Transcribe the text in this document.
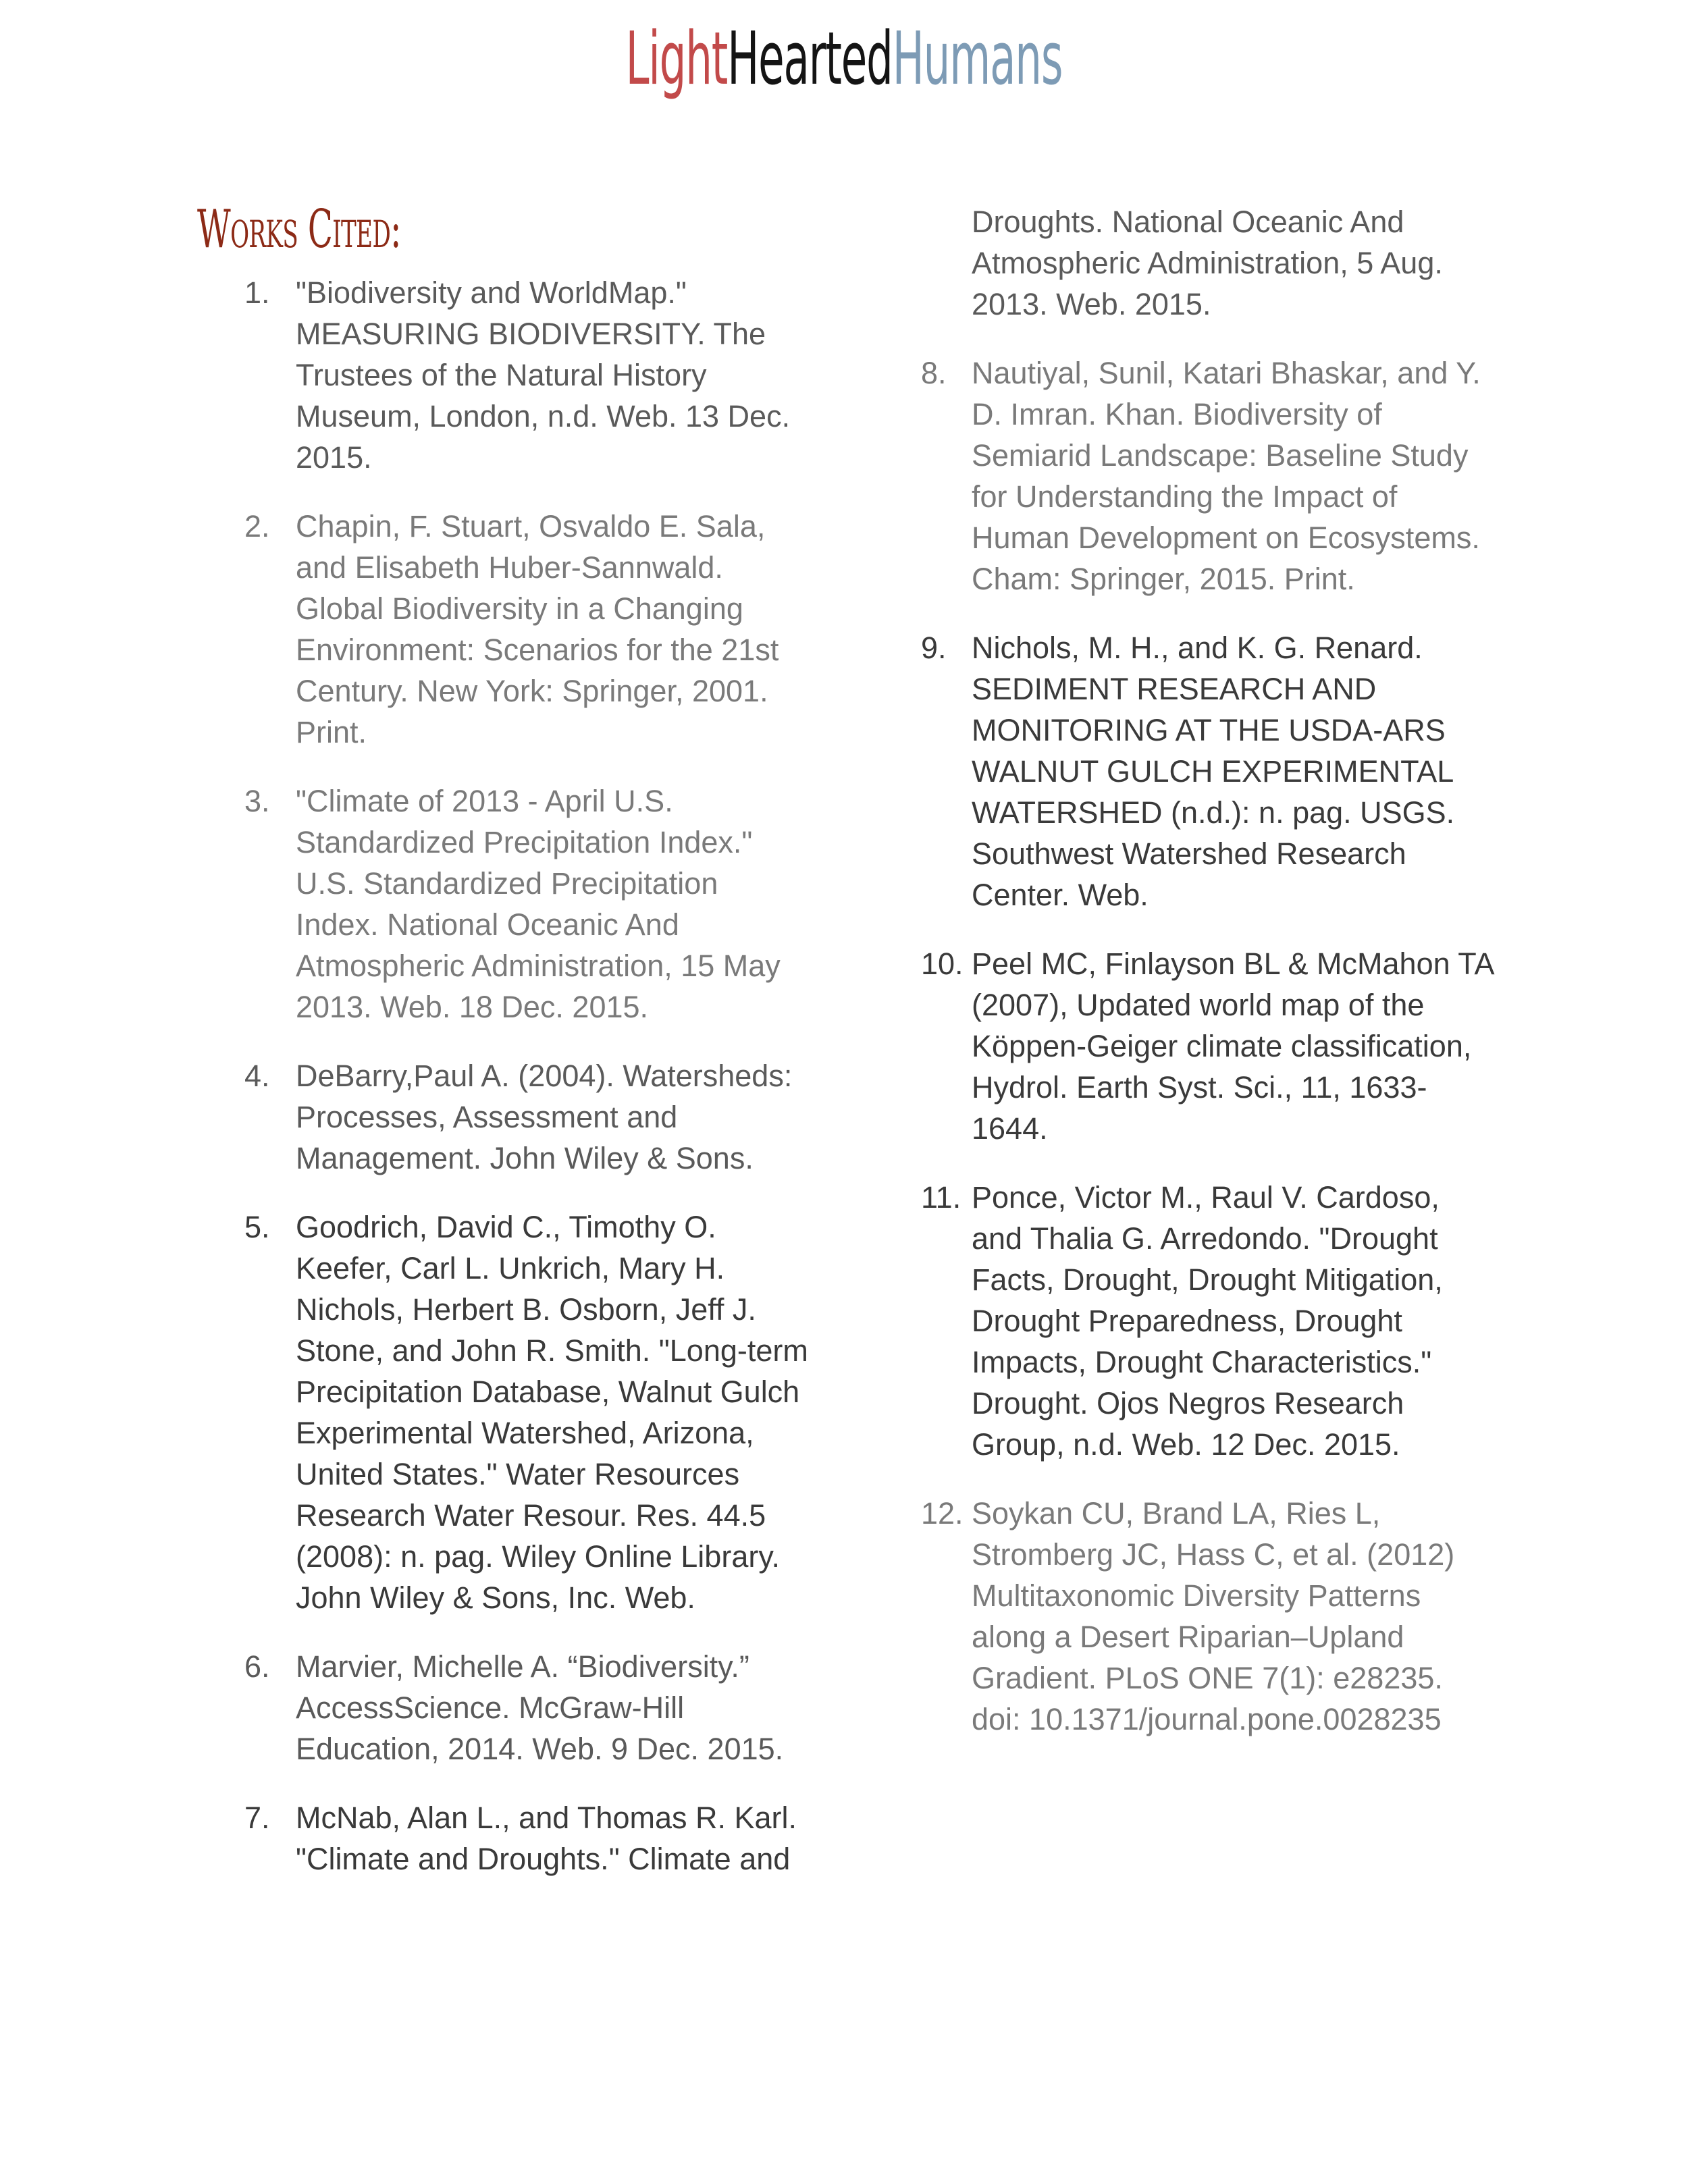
LightHeartedHumans
Works Cited:
1. "Biodiversity and WorldMap." MEASURING BIODIVERSITY. The Trustees of the Natural History Museum, London, n.d. Web. 13 Dec. 2015.
2. Chapin, F. Stuart, Osvaldo E. Sala, and Elisabeth Huber-Sannwald. Global Biodiversity in a Changing Environment: Scenarios for the 21st Century. New York: Springer, 2001. Print.
3. "Climate of 2013 - April U.S. Standardized Precipitation Index." U.S. Standardized Precipitation Index. National Oceanic And Atmospheric Administration, 15 May 2013. Web. 18 Dec. 2015.
4. DeBarry,Paul A. (2004). Watersheds: Processes, Assessment and Management. John Wiley & Sons.
5. Goodrich, David C., Timothy O. Keefer, Carl L. Unkrich, Mary H. Nichols, Herbert B. Osborn, Jeff J. Stone, and John R. Smith. "Long-term Precipitation Database, Walnut Gulch Experimental Watershed, Arizona, United States." Water Resources Research Water Resour. Res. 44.5 (2008): n. pag. Wiley Online Library. John Wiley & Sons, Inc. Web.
6. Marvier, Michelle A. “Biodiversity.” AccessScience. McGraw-Hill Education, 2014. Web. 9 Dec. 2015.
7. McNab, Alan L., and Thomas R. Karl. "Climate and Droughts." Climate and
Droughts. National Oceanic And Atmospheric Administration, 5 Aug. 2013. Web. 2015.
8. Nautiyal, Sunil, Katari Bhaskar, and Y. D. Imran. Khan. Biodiversity of Semiarid Landscape: Baseline Study for Understanding the Impact of Human Development on Ecosystems. Cham: Springer, 2015. Print.
9. Nichols, M. H., and K. G. Renard. SEDIMENT RESEARCH AND MONITORING AT THE USDA-ARS WALNUT GULCH EXPERIMENTAL WATERSHED (n.d.): n. pag. USGS. Southwest Watershed Research Center. Web.
10. Peel MC, Finlayson BL & McMahon TA (2007), Updated world map of the Köppen-Geiger climate classification, Hydrol. Earth Syst. Sci., 11, 1633-1644.
11. Ponce, Victor M., Raul V. Cardoso, and Thalia G. Arredondo. "Drought Facts, Drought, Drought Mitigation, Drought Preparedness, Drought Impacts, Drought Characteristics." Drought. Ojos Negros Research Group, n.d. Web. 12 Dec. 2015.
12. Soykan CU, Brand LA, Ries L, Stromberg JC, Hass C, et al. (2012) Multitaxonomic Diversity Patterns along a Desert Riparian–Upland Gradient. PLoS ONE 7(1): e28235. doi: 10.1371/journal.pone.0028235
